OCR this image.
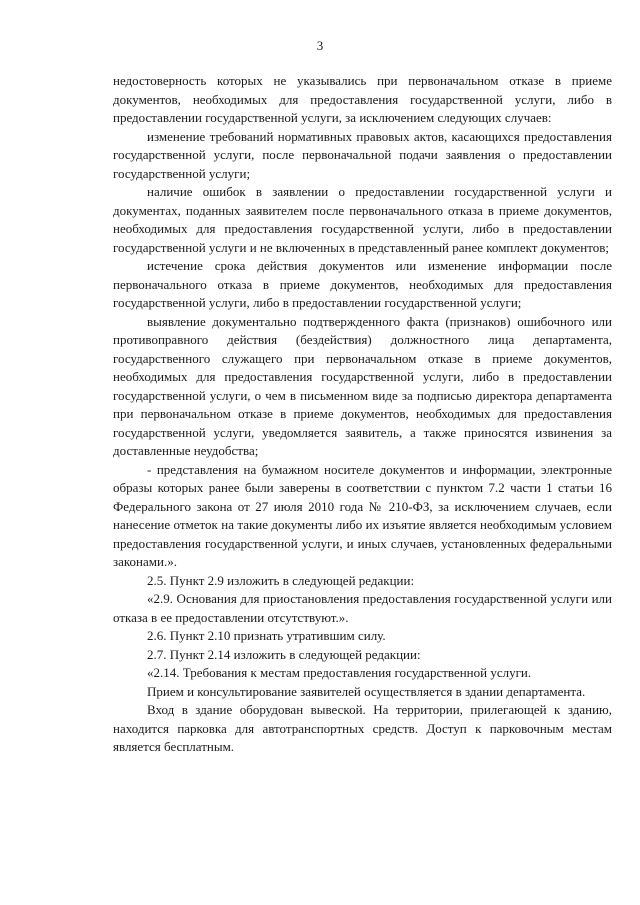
3

недостоверность которых не указывались при первоначальном отказе в приеме документов, необходимых для предоставления государственной услуги, либо в предоставлении государственной услуги, за исключением следующих случаев:

изменение требований нормативных правовых актов, касающихся предоставления государственной услуги, после первоначальной подачи заявления о предоставлении государственной услуги;

наличие ошибок в заявлении о предоставлении государственной услуги и документах, поданных заявителем после первоначального отказа в приеме документов, необходимых для предоставления государственной услуги, либо в предоставлении государственной услуги и не включенных в представленный ранее комплект документов;

истечение срока действия документов или изменение информации после первоначального отказа в приеме документов, необходимых для предоставления государственной услуги, либо в предоставлении государственной услуги;

выявление документально подтвержденного факта (признаков) ошибочного или противоправного действия (бездействия) должностного лица департамента, государственного служащего при первоначальном отказе в приеме документов, необходимых для предоставления государственной услуги, либо в предоставлении государственной услуги, о чем в письменном виде за подписью директора департамента при первоначальном отказе в приеме документов, необходимых для предоставления государственной услуги, уведомляется заявитель, а также приносятся извинения за доставленные неудобства;

- представления на бумажном носителе документов и информации, электронные образы которых ранее были заверены в соответствии с пунктом 7.2 части 1 статьи 16 Федерального закона от 27 июля 2010 года № 210-ФЗ, за исключением случаев, если нанесение отметок на такие документы либо их изъятие является необходимым условием предоставления государственной услуги, и иных случаев, установленных федеральными законами.».

2.5. Пункт 2.9 изложить в следующей редакции:

«2.9. Основания для приостановления предоставления государственной услуги или отказа в ее предоставлении отсутствуют.».

2.6. Пункт 2.10 признать утратившим силу.

2.7. Пункт 2.14 изложить в следующей редакции:

«2.14. Требования к местам предоставления государственной услуги.

Прием и консультирование заявителей осуществляется в здании департамента.

Вход в здание оборудован вывеской. На территории, прилегающей к зданию, находится парковка для автотранспортных средств. Доступ к парковочным местам является бесплатным.
